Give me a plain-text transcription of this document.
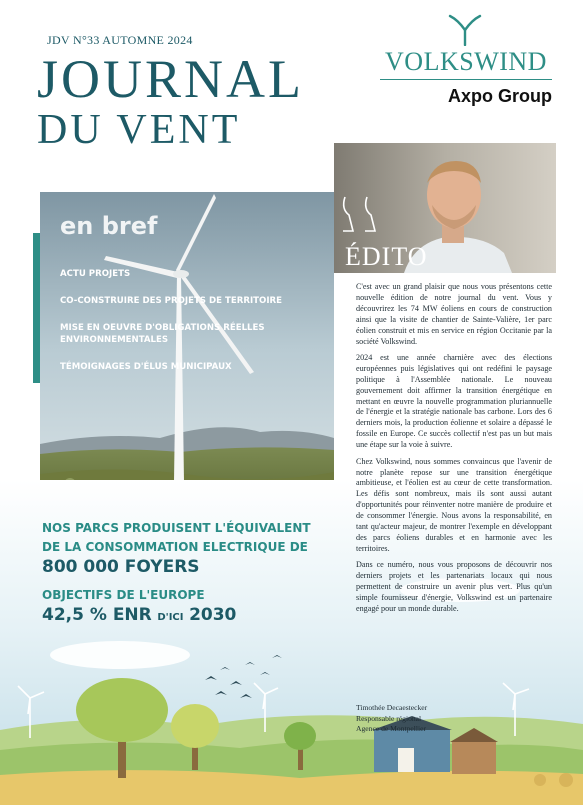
JDV N°33 AUTOMNE 2024
JOURNAL
DU VENT
VOLKSWIND
Axpo Group
en bref
ACTU PROJETS
CO-CONSTRUIRE DES PROJETS DE TERRITOIRE
MISE EN OEUVRE D'OBLIGATIONS RÉELLES ENVIRONNEMENTALES
TÉMOIGNAGES D'ÉLUS MUNICIPAUX
ÉDITO
NOS PARCS PRODUISENT L'ÉQUIVALENT
DE LA CONSOMMATION ELECTRIQUE DE
800 000 FOYERS
OBJECTIFS DE L'EUROPE
42,5 % ENR D'ICI 2030

C'est avec un grand plaisir que nous vous présentons cette nouvelle édition de notre journal du vent. Vous y découvrirez les 74 MW éoliens en cours de construction ainsi que la visite de chantier de Sainte-Valière, 1er parc éolien construit et mis en service en région Occitanie par la société Volkswind.

2024 est une année charnière avec des élections européennes puis législatives qui ont redéfini le paysage politique à l'Assemblée nationale. Le nouveau gouvernement doit affirmer la transition énergétique en mettant en œuvre la nouvelle programmation pluriannuelle de l'énergie et la stratégie nationale bas carbone. Lors des 6 derniers mois, la production éolienne et solaire a dépassé le fossile en Europe. Ce succès collectif n'est pas un but mais une étape sur la voie à suivre.

Chez Volkswind, nous sommes convaincus que l'avenir de notre planète repose sur une transition énergétique ambitieuse, et l'éolien est au cœur de cette transformation. Les défis sont nombreux, mais ils sont aussi autant d'opportunités pour réinventer notre manière de produire et de consommer l'énergie. Nous avons la responsabilité, en tant qu'acteur majeur, de montrer l'exemple en développant des parcs éoliens durables et en harmonie avec les territoires.

Dans ce numéro, nous vous proposons de découvrir nos derniers projets et les partenariats locaux qui nous permettent de construire un avenir plus vert. Plus qu'un simple fournisseur d'énergie, Volkswind est un partenaire engagé pour un monde durable.

Timothée Decaestecker
Responsable régional
Agence de Montpellier
